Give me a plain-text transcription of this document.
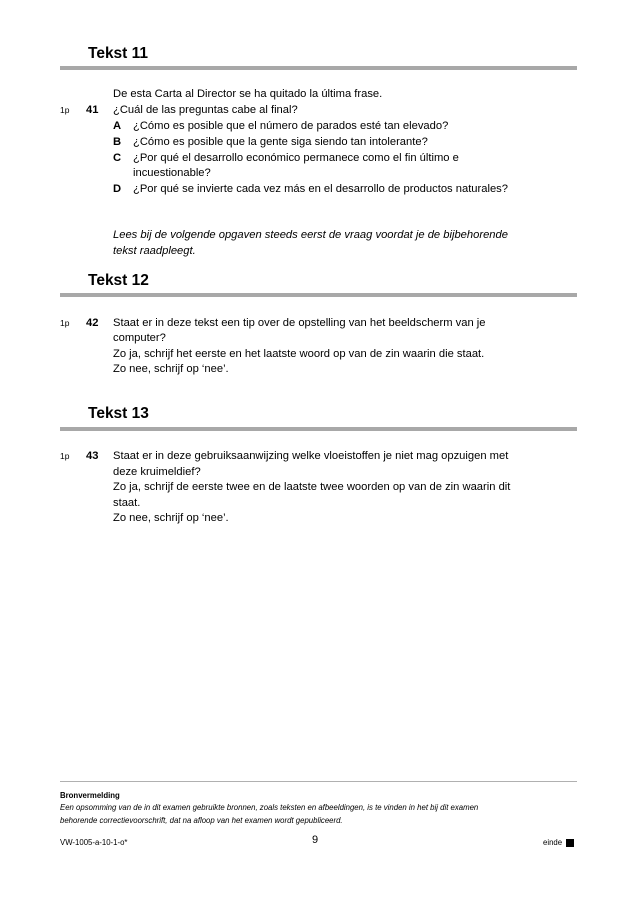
Tekst 11
De esta Carta al Director se ha quitado la última frase.
1p 41 ¿Cuál de las preguntas cabe al final?
A ¿Cómo es posible que el número de parados esté tan elevado?
B ¿Cómo es posible que la gente siga siendo tan intolerante?
C ¿Por qué el desarrollo económico permanece como el fin último e
incuestionable?
D ¿Por qué se invierte cada vez más en el desarrollo de productos naturales?
Lees bij de volgende opgaven steeds eerst de vraag voordat je de bijbehorende
tekst raadpleegt.
Tekst 12
1p 42 Staat er in deze tekst een tip over de opstelling van het beeldscherm van je
computer?
Zo ja, schrijf het eerste en het laatste woord op van de zin waarin die staat.
Zo nee, schrijf op ‘nee’.
Tekst 13
1p 43 Staat er in deze gebruiksaanwijzing welke vloeistoffen je niet mag opzuigen met
deze kruimeldief?
Zo ja, schrijf de eerste twee en de laatste twee woorden op van de zin waarin dit
staat.
Zo nee, schrijf op ‘nee’.
Bronvermelding
Een opsomming van de in dit examen gebruikte bronnen, zoals teksten en afbeeldingen, is te vinden in het bij dit examen
behorende correctievoorschrift, dat na afloop van het examen wordt gepubliceerd.
VW-1005-a-10-1-o*	9	einde
